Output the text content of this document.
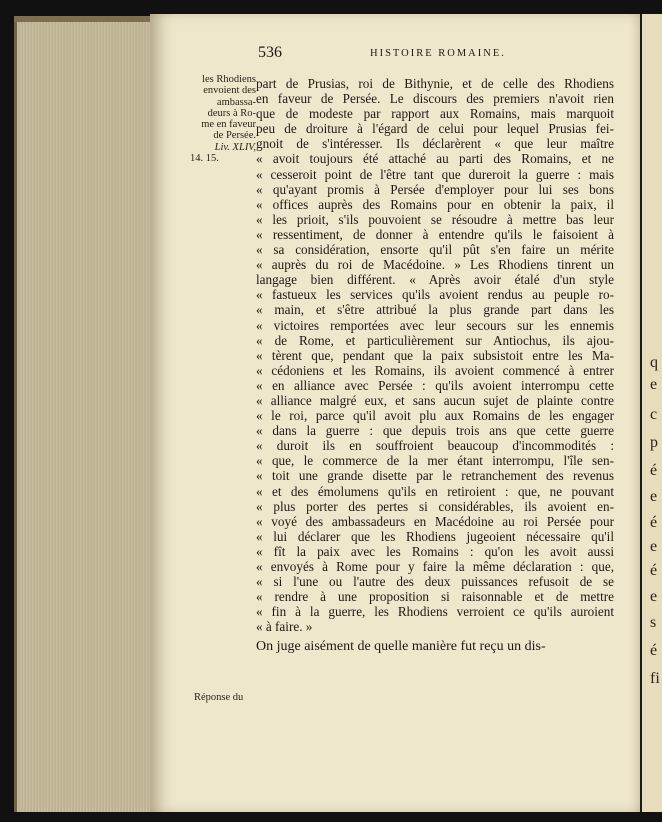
536	HISTOIRE ROMAINE.
les Rhodiens
envoient des
ambassa-
deurs à Ro-
me en faveur
de Persée.
Liv. XLIV,
14. 15.
Réponse du
part de Prusias, roi de Bithynie, et de celle des Rhodiens
en faveur de Persée. Le discours des premiers n'avoit rien
que de modeste par rapport aux Romains, mais marquoit
peu de droiture à l'égard de celui pour lequel Prusias fei-
gnoit de s'intéresser. Ils déclarèrent « que leur maître
« avoit toujours été attaché au parti des Romains, et ne
« cesseroit point de l'être tant que dureroit la guerre : mais
« qu'ayant promis à Persée d'employer pour lui ses bons
« offices auprès des Romains pour en obtenir la paix, il
« les prioit, s'ils pouvoient se résoudre à mettre bas leur
« ressentiment, de donner à entendre qu'ils le faisoient à
« sa considération, ensorte qu'il pût s'en faire un mérite
« auprès du roi de Macédoine. » Les Rhodiens tinrent un
langage bien différent. « Après avoir étalé d'un style
« fastueux les services qu'ils avoient rendus au peuple ro-
« main, et s'être attribué la plus grande part dans les
« victoires remportées avec leur secours sur les ennemis
« de Rome, et particulièrement sur Antiochus, ils ajou-
« tèrent que, pendant que la paix subsistoit entre les Ma-
« cédoniens et les Romains, ils avoient commencé à entrer
« en alliance avec Persée : qu'ils avoient interrompu cette
« alliance malgré eux, et sans aucun sujet de plainte contre
« le roi, parce qu'il avoit plu aux Romains de les engager
« dans la guerre : que depuis trois ans que cette guerre
« duroit ils en souffroient beaucoup d'incommodités :
« que, le commerce de la mer étant interrompu, l'île sen-
« toit une grande disette par le retranchement des revenus
« et des émolumens qu'ils en retiroient : que, ne pouvant
« plus porter des pertes si considérables, ils avoient en-
« voyé des ambassadeurs en Macédoine au roi Persée pour
« lui déclarer que les Rhodiens jugeoient nécessaire qu'il
« fît la paix avec les Romains : qu'on les avoit aussi
« envoyés à Rome pour y faire la même déclaration : que,
« si l'une ou l'autre des deux puissances refusoit de se
« rendre à une proposition si raisonnable et de mettre
« fin à la guerre, les Rhodiens verroient ce qu'ils auroient
« à faire. »
On juge aisément de quelle manière fut reçu un dis-
q
e
c
p
é
e
é
e
é
e
s
é
fi
